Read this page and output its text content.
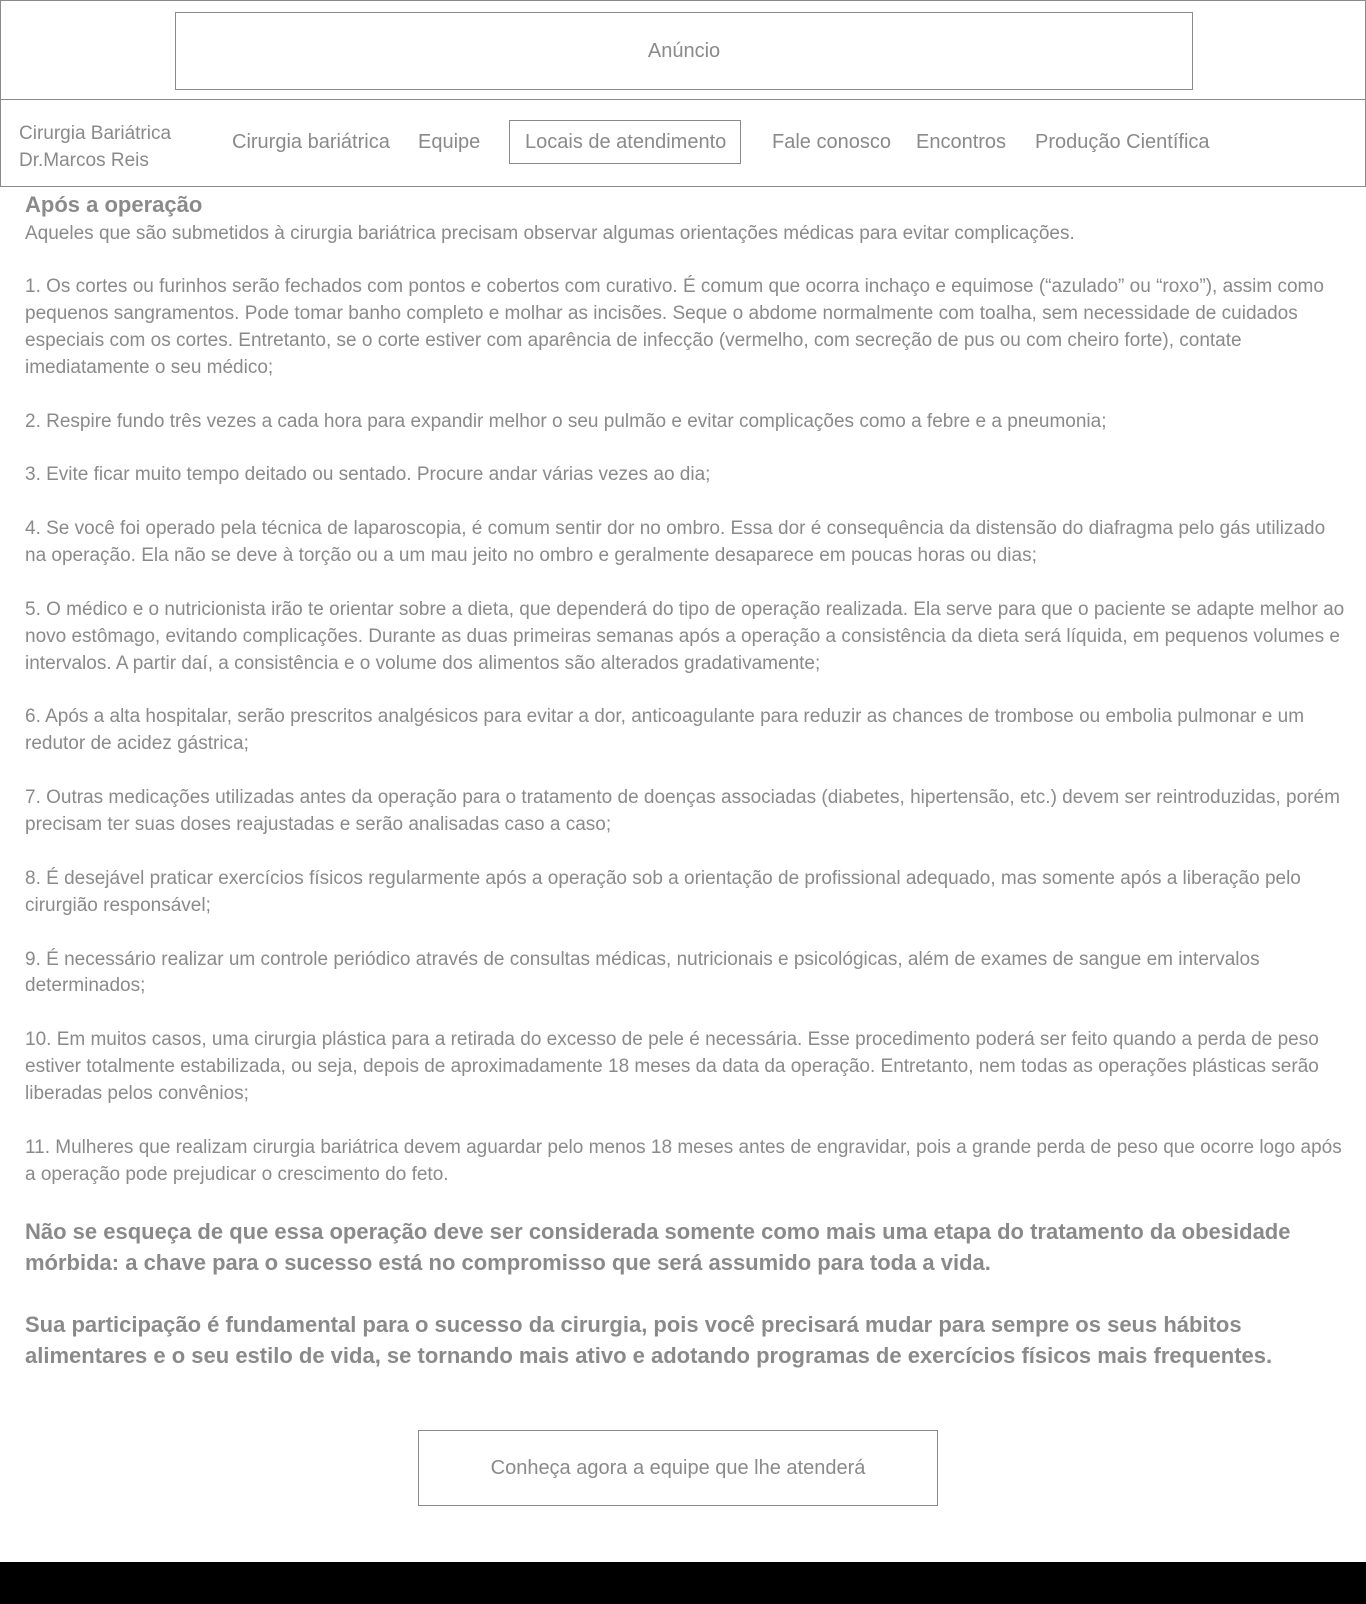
Anúncio
Cirurgia Bariátrica
Dr.Marcos Reis
Cirurgia bariátrica Equipe	Locais de atendimento	Fale conosco Encontros Produção Científica
Após a operação

Aqueles que são submetidos à cirurgia bariátrica precisam observar algumas orientações médicas para evitar complicações.

1. Os cortes ou furinhos serão fechados com pontos e cobertos com curativo. É comum que ocorra inchaço e equimose (“azulado” ou “roxo”), assim como pequenos sangramentos. Pode tomar banho completo e molhar as incisões. Seque o abdome normalmente com toalha, sem necessidade de cuidados especiais com os cortes. Entretanto, se o corte estiver com aparência de infecção (vermelho, com secreção de pus ou com cheiro forte), contate imediatamente o seu médico;

2. Respire fundo três vezes a cada hora para expandir melhor o seu pulmão e evitar complicações como a febre e a pneumonia;

3. Evite ficar muito tempo deitado ou sentado. Procure andar várias vezes ao dia;

4. Se você foi operado pela técnica de laparoscopia, é comum sentir dor no ombro. Essa dor é consequência da distensão do diafragma pelo gás utilizado na operação. Ela não se deve à torção ou a um mau jeito no ombro e geralmente desaparece em poucas horas ou dias;

5. O médico e o nutricionista irão te orientar sobre a dieta, que dependerá do tipo de operação realizada. Ela serve para que o paciente se adapte melhor ao novo estômago, evitando complicações. Durante as duas primeiras semanas após a operação a consistência da dieta será líquida, em pequenos volumes e intervalos. A partir daí, a consistência e o volume dos alimentos são alterados gradativamente;

6. Após a alta hospitalar, serão prescritos analgésicos para evitar a dor, anticoagulante para reduzir as chances de trombose ou embolia pulmonar e um redutor de acidez gástrica;

7. Outras medicações utilizadas antes da operação para o tratamento de doenças associadas (diabetes, hipertensão, etc.) devem ser reintroduzidas, porém precisam ter suas doses reajustadas e serão analisadas caso a caso;

8. É desejável praticar exercícios físicos regularmente após a operação sob a orientação de profissional adequado, mas somente após a liberação pelo cirurgião responsável;

9. É necessário realizar um controle periódico através de consultas médicas, nutricionais e psicológicas, além de exames de sangue em intervalos determinados;

10. Em muitos casos, uma cirurgia plástica para a retirada do excesso de pele é necessária. Esse procedimento poderá ser feito quando a perda de peso estiver totalmente estabilizada, ou seja, depois de aproximadamente 18 meses da data da operação. Entretanto, nem todas as operações plásticas serão liberadas pelos convênios;

11. Mulheres que realizam cirurgia bariátrica devem aguardar pelo menos 18 meses antes de engravidar, pois a grande perda de peso que ocorre logo após a operação pode prejudicar o crescimento do feto.

Não se esqueça de que essa operação deve ser considerada somente como mais uma etapa do tratamento da obesidade mórbida: a chave para o sucesso está no compromisso que será assumido para toda a vida.

Sua participação é fundamental para o sucesso da cirurgia, pois você precisará mudar para sempre os seus hábitos alimentares e o seu estilo de vida, se tornando mais ativo e adotando programas de exercícios físicos mais frequentes.

Conheça agora a equipe que lhe atenderá
